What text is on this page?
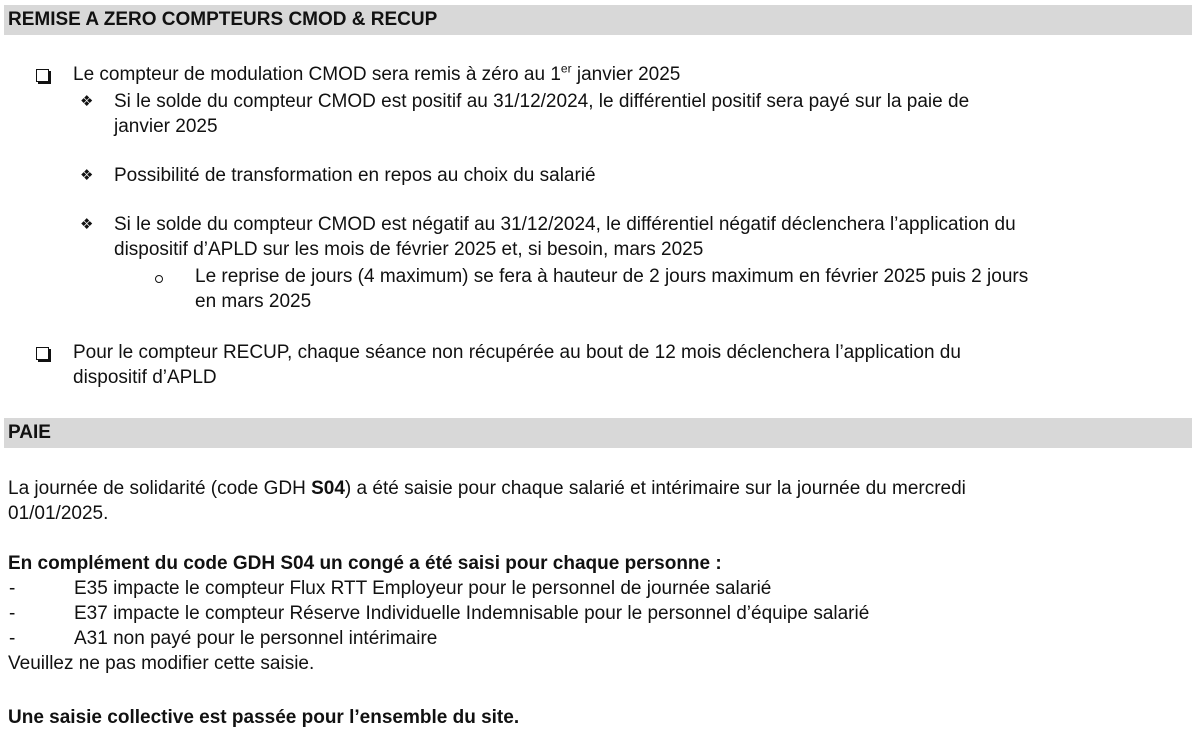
REMISE A ZERO COMPTEURS CMOD & RECUP
Le compteur de modulation CMOD sera remis à zéro au 1er janvier 2025
❖ Si le solde du compteur CMOD est positif au 31/12/2024, le différentiel positif sera payé sur la paie de
janvier 2025
❖ Possibilité de transformation en repos au choix du salarié
❖ Si le solde du compteur CMOD est négatif au 31/12/2024, le différentiel négatif déclenchera l’application du
dispositif d’APLD sur les mois de février 2025 et, si besoin, mars 2025
Le reprise de jours (4 maximum) se fera à hauteur de 2 jours maximum en février 2025 puis 2 jours
en mars 2025
Pour le compteur RECUP, chaque séance non récupérée au bout de 12 mois déclenchera l’application du
dispositif d’APLD
PAIE
La journée de solidarité (code GDH S04) a été saisie pour chaque salarié et intérimaire sur la journée du mercredi
01/01/2025.
En complément du code GDH S04 un congé a été saisi pour chaque personne :
-	E35 impacte le compteur Flux RTT Employeur pour le personnel de journée salarié
-	E37 impacte le compteur Réserve Individuelle Indemnisable pour le personnel d’équipe salarié
-	A31 non payé pour le personnel intérimaire
Veuillez ne pas modifier cette saisie.
Une saisie collective est passée pour l’ensemble du site.
